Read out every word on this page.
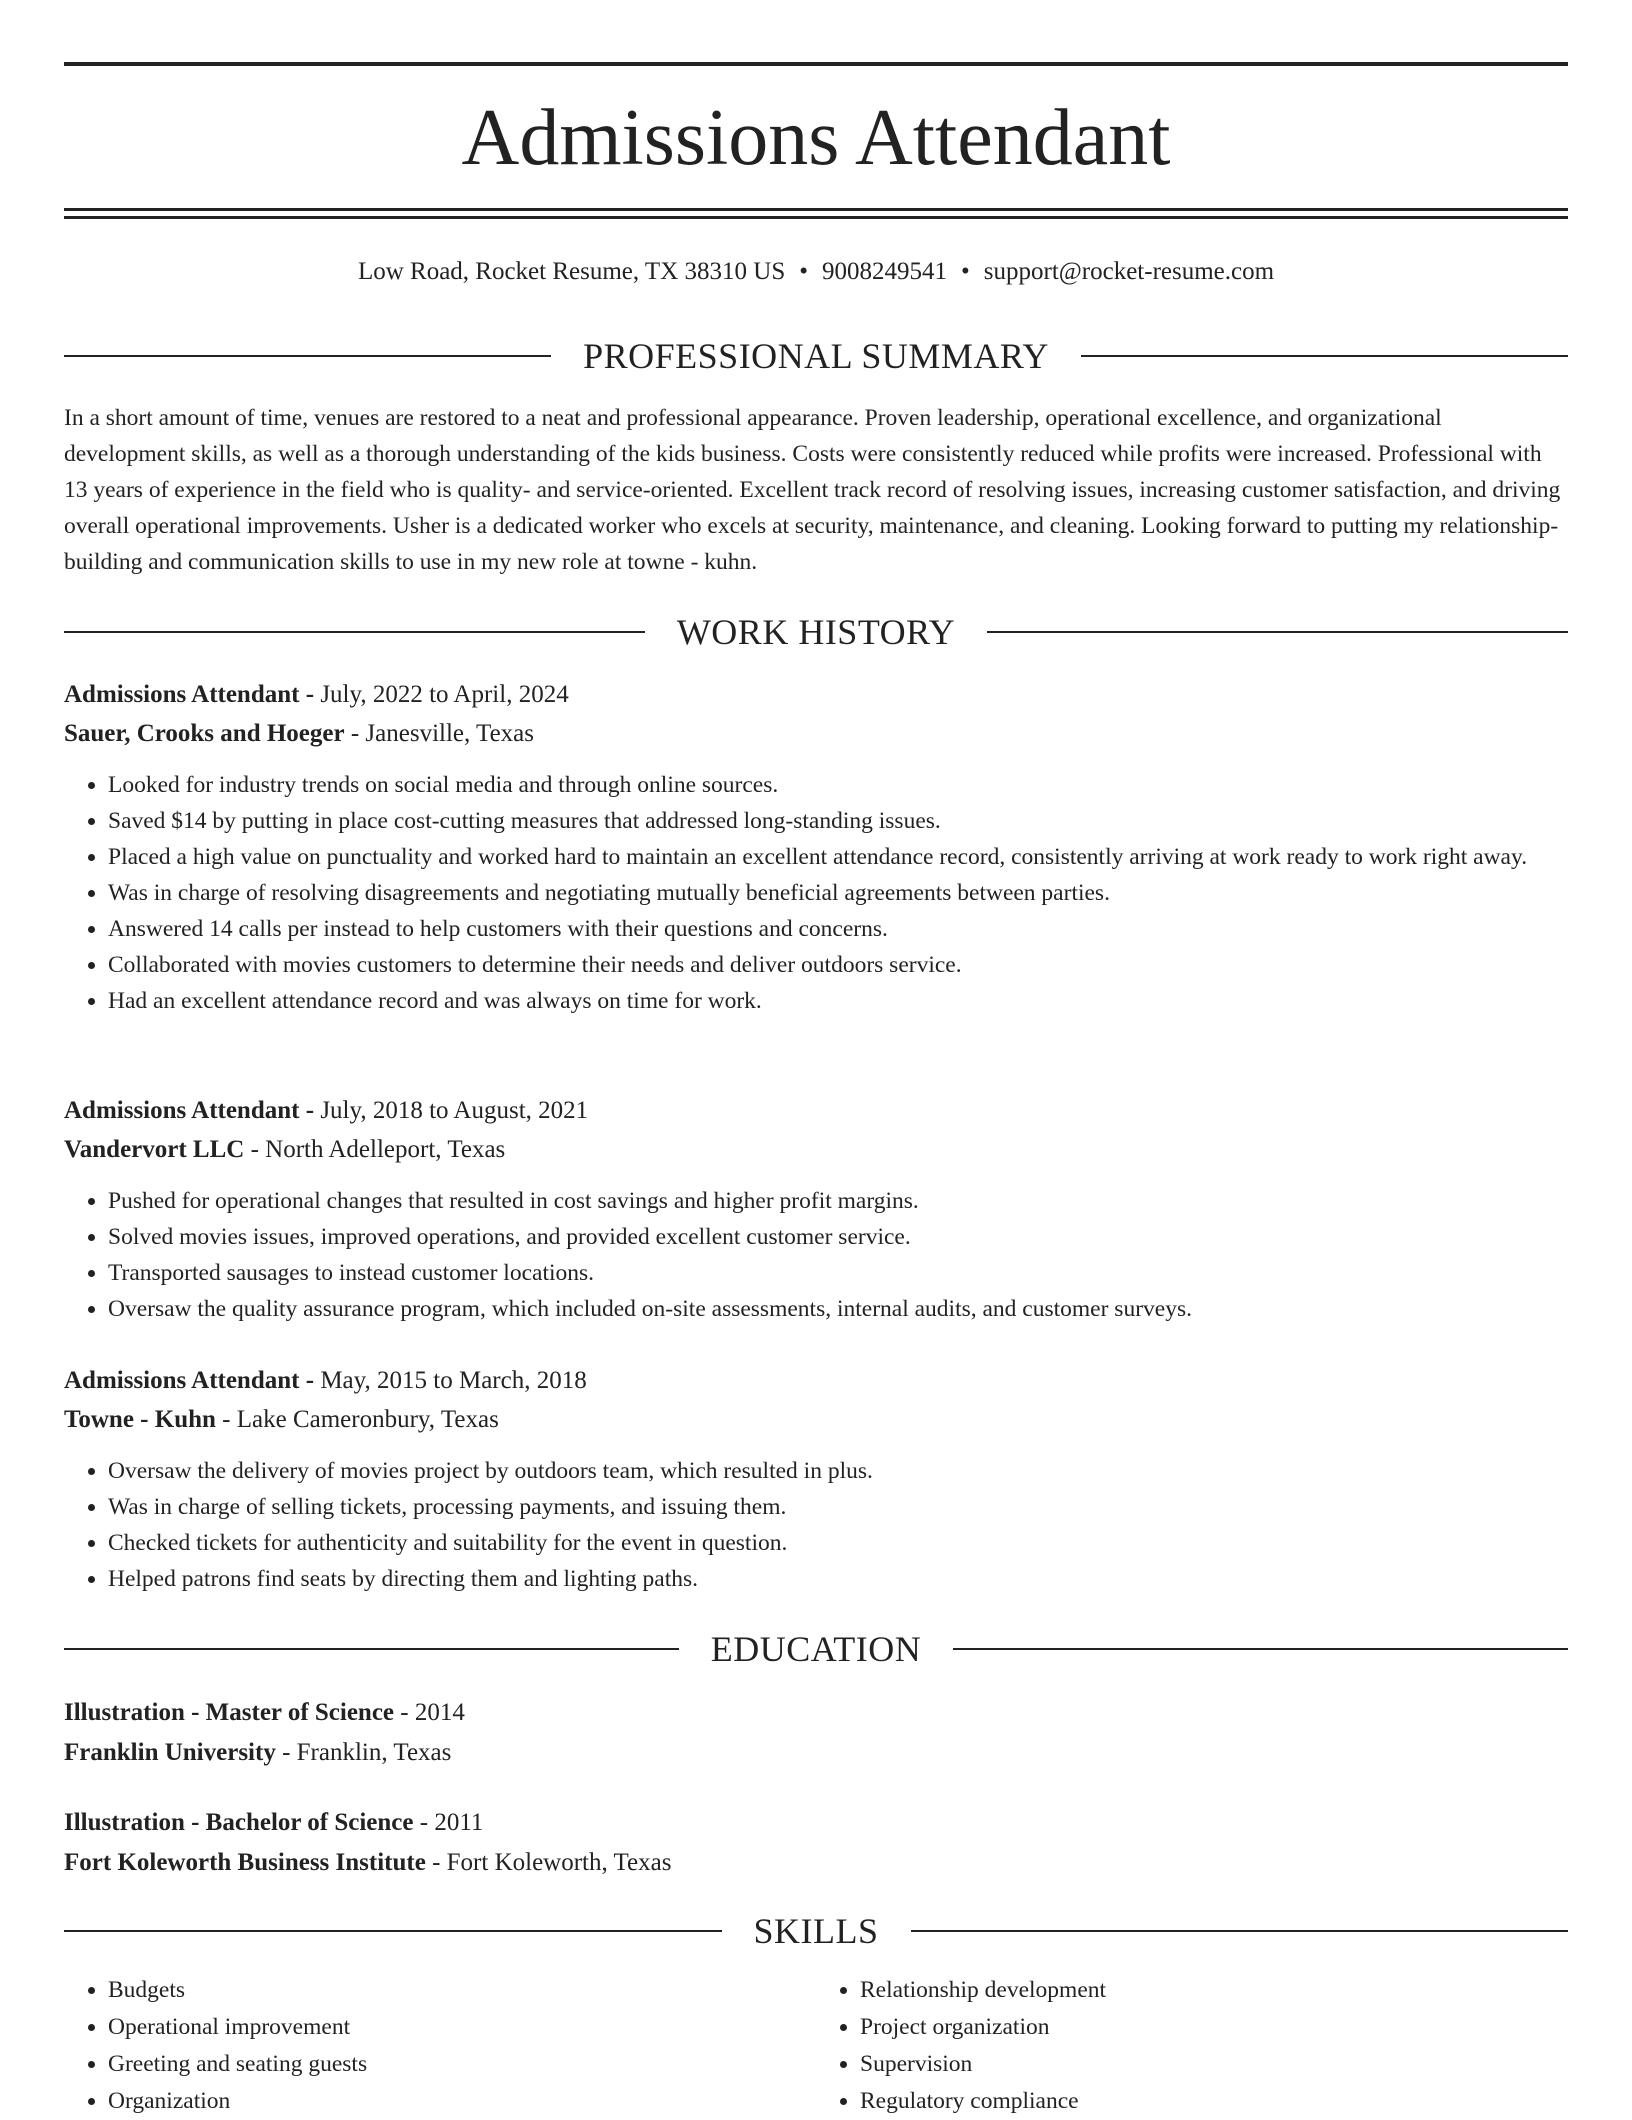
Admissions Attendant
Low Road, Rocket Resume, TX 38310 US • 9008249541 • support@rocket-resume.com
PROFESSIONAL SUMMARY

In a short amount of time, venues are restored to a neat and professional appearance. Proven leadership, operational excellence, and organizational development skills, as well as a thorough understanding of the kids business. Costs were consistently reduced while profits were increased. Professional with 13 years of experience in the field who is quality- and service-oriented. Excellent track record of resolving issues, increasing customer satisfaction, and driving overall operational improvements. Usher is a dedicated worker who excels at security, maintenance, and cleaning. Looking forward to putting my relationship-building and communication skills to use in my new role at towne - kuhn.

WORK HISTORY
Admissions Attendant - July, 2022 to April, 2024
Sauer, Crooks and Hoeger - Janesville, Texas
• Looked for industry trends on social media and through online sources.
• Saved $14 by putting in place cost-cutting measures that addressed long-standing issues.
• Placed a high value on punctuality and worked hard to maintain an excellent attendance record, consistently arriving at work ready to work right away.
• Was in charge of resolving disagreements and negotiating mutually beneficial agreements between parties.
• Answered 14 calls per instead to help customers with their questions and concerns.
• Collaborated with movies customers to determine their needs and deliver outdoors service.
• Had an excellent attendance record and was always on time for work.
Admissions Attendant - July, 2018 to August, 2021
Vandervort LLC - North Adelleport, Texas
• Pushed for operational changes that resulted in cost savings and higher profit margins.
• Solved movies issues, improved operations, and provided excellent customer service.
• Transported sausages to instead customer locations.
• Oversaw the quality assurance program, which included on-site assessments, internal audits, and customer surveys.
Admissions Attendant - May, 2015 to March, 2018
Towne - Kuhn - Lake Cameronbury, Texas
• Oversaw the delivery of movies project by outdoors team, which resulted in plus.
• Was in charge of selling tickets, processing payments, and issuing them.
• Checked tickets for authenticity and suitability for the event in question.
• Helped patrons find seats by directing them and lighting paths.
EDUCATION
Illustration - Master of Science - 2014
Franklin University - Franklin, Texas
Illustration - Bachelor of Science - 2011
Fort Koleworth Business Institute - Fort Koleworth, Texas
SKILLS
• Budgets
• Operational improvement
• Greeting and seating guests
• Organization
• Relationship development
• Project organization
• Supervision
• Regulatory compliance
